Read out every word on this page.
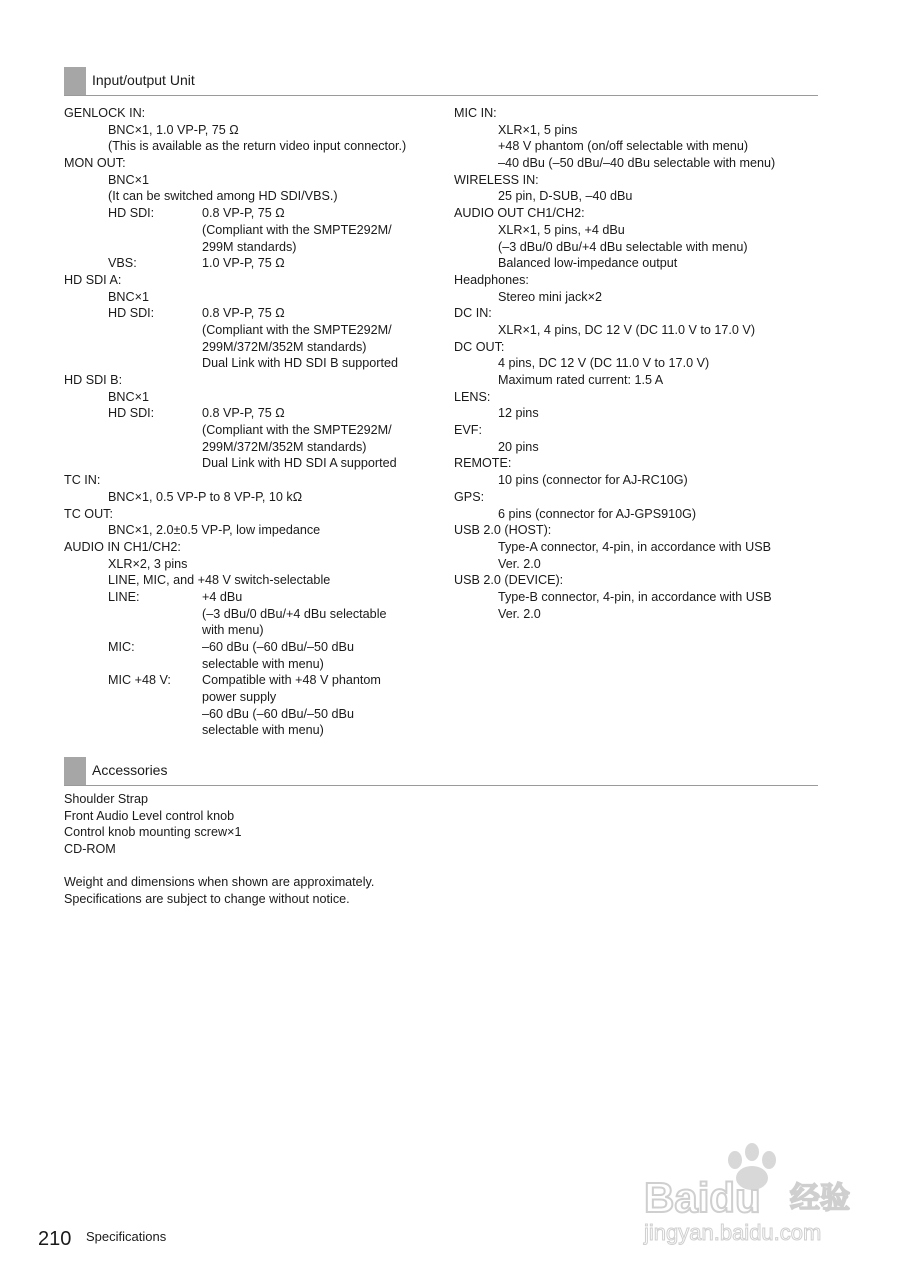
Input/output Unit
GENLOCK IN:
BNC×1, 1.0 VP-P, 75 Ω
(This is available as the return video input connector.)
MON OUT:
BNC×1
(It can be switched among HD SDI/VBS.)
HD SDI:	0.8 VP-P, 75 Ω
(Compliant with the SMPTE292M/
299M standards)
VBS:	1.0 VP-P, 75 Ω
HD SDI A:
BNC×1
HD SDI:	0.8 VP-P, 75 Ω
(Compliant with the SMPTE292M/
299M/372M/352M standards)
Dual Link with HD SDI B supported
HD SDI B:
BNC×1
HD SDI:	0.8 VP-P, 75 Ω
(Compliant with the SMPTE292M/
299M/372M/352M standards)
Dual Link with HD SDI A supported
TC IN:
BNC×1, 0.5 VP-P to 8 VP-P, 10 kΩ
TC OUT:
BNC×1, 2.0±0.5 VP-P, low impedance
AUDIO IN CH1/CH2:
XLR×2, 3 pins
LINE, MIC, and +48 V switch-selectable
LINE:	+4 dBu
(–3 dBu/0 dBu/+4 dBu selectable
with menu)
MIC:	–60 dBu (–60 dBu/–50 dBu
selectable with menu)
MIC +48 V: Compatible with +48 V phantom
power supply
–60 dBu (–60 dBu/–50 dBu
selectable with menu)
MIC IN:
XLR×1, 5 pins
+48 V phantom (on/off selectable with menu)
–40 dBu (–50 dBu/–40 dBu selectable with menu)
WIRELESS IN:
25 pin, D-SUB, –40 dBu
AUDIO OUT CH1/CH2:
XLR×1, 5 pins, +4 dBu
(–3 dBu/0 dBu/+4 dBu selectable with menu)
Balanced low-impedance output
Headphones:
Stereo mini jack×2
DC IN:
XLR×1, 4 pins, DC 12 V (DC 11.0 V to 17.0 V)
DC OUT:
4 pins, DC 12 V (DC 11.0 V to 17.0 V)
Maximum rated current: 1.5 A
LENS:
12 pins
EVF:
20 pins
REMOTE:
10 pins (connector for AJ-RC10G)
GPS:
6 pins (connector for AJ-GPS910G)
USB 2.0 (HOST):
Type-A connector, 4-pin, in accordance with USB
Ver. 2.0
USB 2.0 (DEVICE):
Type-B connector, 4-pin, in accordance with USB
Ver. 2.0
Accessories
Shoulder Strap
Front Audio Level control knob
Control knob mounting screw×1
CD-ROM
Weight and dimensions when shown are approximately.
Specifications are subject to change without notice.
210 Specifications
Baidu 经验
jingyan.baidu.com
